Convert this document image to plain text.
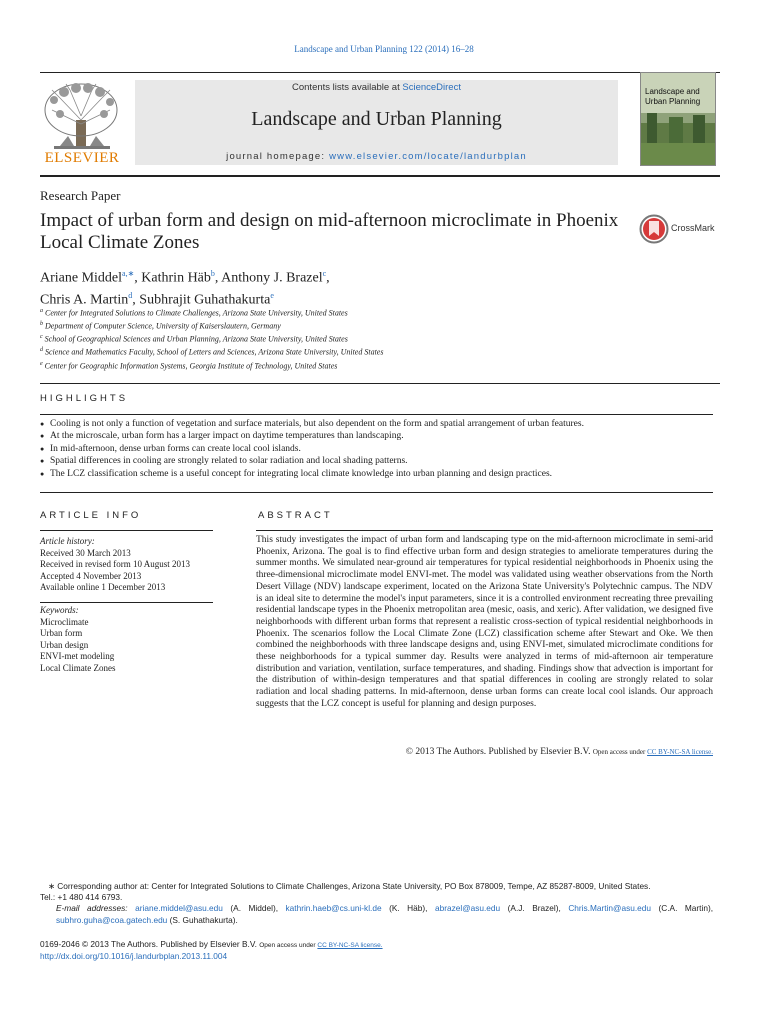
Landscape and Urban Planning 122 (2014) 16–28
ELSEVIER
Contents lists available at ScienceDirect
Landscape and Urban Planning
journal homepage: www.elsevier.com/locate/landurbplan
Landscape and Urban Planning
Research Paper
Impact of urban form and design on mid-afternoon microclimate in Phoenix Local Climate Zones
CrossMark
Ariane Middel$^{a,∗}$, Kathrin Häb$^b$, Anthony J. Brazel$^c$,
Chris A. Martin$^d$, Subhrajit Guhathakurta$^e$
$^a$ Center for Integrated Solutions to Climate Challenges, Arizona State University, United States
$^b$ Department of Computer Science, University of Kaiserslautern, Germany
$^c$ School of Geographical Sciences and Urban Planning, Arizona State University, United States
$^d$ Science and Mathematics Faculty, School of Letters and Sciences, Arizona State University, United States
$^e$ Center for Geographic Information Systems, Georgia Institute of Technology, United States
HIGHLIGHTS
● Cooling is not only a function of vegetation and surface materials, but also dependent on the form and spatial arrangement of urban features.
● At the microscale, urban form has a larger impact on daytime temperatures than landscaping.
● In mid-afternoon, dense urban forms can create local cool islands.
● Spatial differences in cooling are strongly related to solar radiation and local shading patterns.
● The LCZ classification scheme is a useful concept for integrating local climate knowledge into urban planning and design practices.
ARTICLE INFO
Article history:
Received 30 March 2013
Received in revised form 10 August 2013
Accepted 4 November 2013
Available online 1 December 2013
Keywords:
Microclimate
Urban form
Urban design
ENVI-met modeling
Local Climate Zones
ABSTRACT
This study investigates the impact of urban form and landscaping type on the mid-afternoon microclimate in semi-arid Phoenix, Arizona. The goal is to find effective urban form and design strategies to ameliorate temperatures during the summer months. We simulated near-ground air temperatures for typical residential neighborhoods in Phoenix using the three-dimensional microclimate model ENVI-met. The model was validated using weather observations from the North Desert Village (NDV) landscape experiment, located on the Arizona State University's Polytechnic campus. The NDV is an ideal site to determine the model's input parameters, since it is a controlled environment recreating three prevailing residential landscape types in the Phoenix metropolitan area (mesic, oasis, and xeric). After validation, we designed five neighborhoods with different urban forms that represent a realistic cross-section of typical residential neighborhoods in Phoenix. The scenarios follow the Local Climate Zone (LCZ) classification scheme after Stewart and Oke. We then combined the neighborhoods with three landscape designs and, using ENVI-met, simulated microclimate conditions for these neighborhoods for a typical summer day. Results were analyzed in terms of mid-afternoon air temperature distribution and variation, ventilation, surface temperatures, and shading. Findings show that advection is important for the distribution of within-design temperatures and that spatial differences in cooling are strongly related to solar radiation and local shading patterns. In mid-afternoon, dense urban forms can create local cool islands. Our approach suggests that the LCZ concept is useful for planning and design purposes.
© 2013 The Authors. Published by Elsevier B.V. Open access under CC BY-NC-SA license.
∗ Corresponding author at: Center for Integrated Solutions to Climate Challenges, Arizona State University, PO Box 878009, Tempe, AZ 85287-8009, United States.
Tel.: +1 480 414 6793.
E-mail addresses: ariane.middel@asu.edu (A. Middel), kathrin.haeb@cs.uni-kl.de (K. Häb), abrazel@asu.edu (A.J. Brazel), Chris.Martin@asu.edu (C.A. Martin), subhro.guha@coa.gatech.edu (S. Guhathakurta).
0169-2046 © 2013 The Authors. Published by Elsevier B.V. Open access under CC BY-NC-SA license.
http://dx.doi.org/10.1016/j.landurbplan.2013.11.004
